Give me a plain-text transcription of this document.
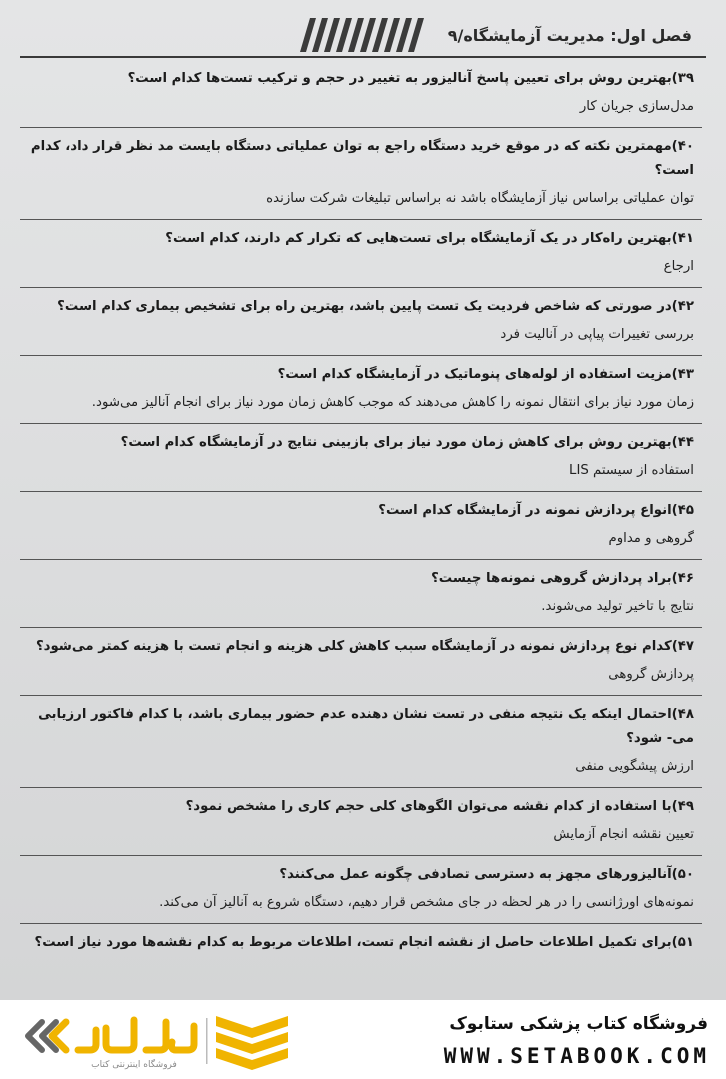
فصل اول: مدیریت آزمایشگاه/۹
۳۹)بهترین روش برای تعیین پاسخ آنالیزور به تغییر در حجم و ترکیب تست‌ها کدام است؟
مدل‌سازی جریان کار
۴۰)مهمترین نکته که در موقع خرید دستگاه راجع به توان عملیاتی دستگاه بایست مد نظر قرار داد، کدام است؟
توان عملیاتی براساس نیاز آزمایشگاه باشد نه براساس تبلیغات شرکت سازنده
۴۱)بهترین راه‌کار در یک آزمایشگاه برای تست‌هایی که تکرار کم دارند، کدام است؟
ارجاع
۴۲)در صورتی که شاخص فردیت یک تست پایین باشد، بهترین راه برای تشخیص بیماری کدام است؟
بررسی تغییرات پیاپی در آنالیت فرد
۴۳)مزیت استفاده از لوله‌های پنوماتیک در آزمایشگاه کدام است؟
زمان مورد نیاز برای انتقال نمونه را کاهش می‌دهند که موجب کاهش زمان مورد نیاز برای انجام آنالیز می‌شود.
۴۴)بهترین روش برای کاهش زمان مورد نیاز برای بازبینی نتایج در آزمایشگاه کدام است؟
استفاده از سیستم LIS
۴۵)انواع پردازش نمونه در آزمایشگاه کدام است؟
گروهی و مداوم
۴۶)براد پردازش گروهی نمونه‌ها چیست؟
نتایج با تاخیر تولید می‌شوند.
۴۷)کدام نوع پردازش نمونه در آزمایشگاه سبب کاهش کلی هزینه و انجام تست با هزینه کمتر می‌شود؟
پردازش گروهی
۴۸)احتمال اینکه یک نتیجه منفی در تست نشان دهنده عدم حضور بیماری باشد، با کدام فاکتور ارزیابی می- شود؟
ارزش پیشگویی منفی
۴۹)با استفاده از کدام نقشه می‌توان الگوهای کلی حجم کاری را مشخص نمود؟
تعیین نقشه انجام آزمایش
۵۰)آنالیزورهای مجهز به دسترسی تصادفی چگونه عمل می‌کنند؟
نمونه‌های اورژانسی را در هر لحظه در جای مشخص قرار دهیم، دستگاه شروع به آنالیز آن می‌کند.
۵۱)برای تکمیل اطلاعات حاصل از نقشه انجام تست، اطلاعات مربوط به کدام نقشه‌ها مورد نیاز است؟
فروشگاه اینترنتی کتاب
فروشگاه کتاب پزشکی ستابوک
WWW.SETABOOK.COM
